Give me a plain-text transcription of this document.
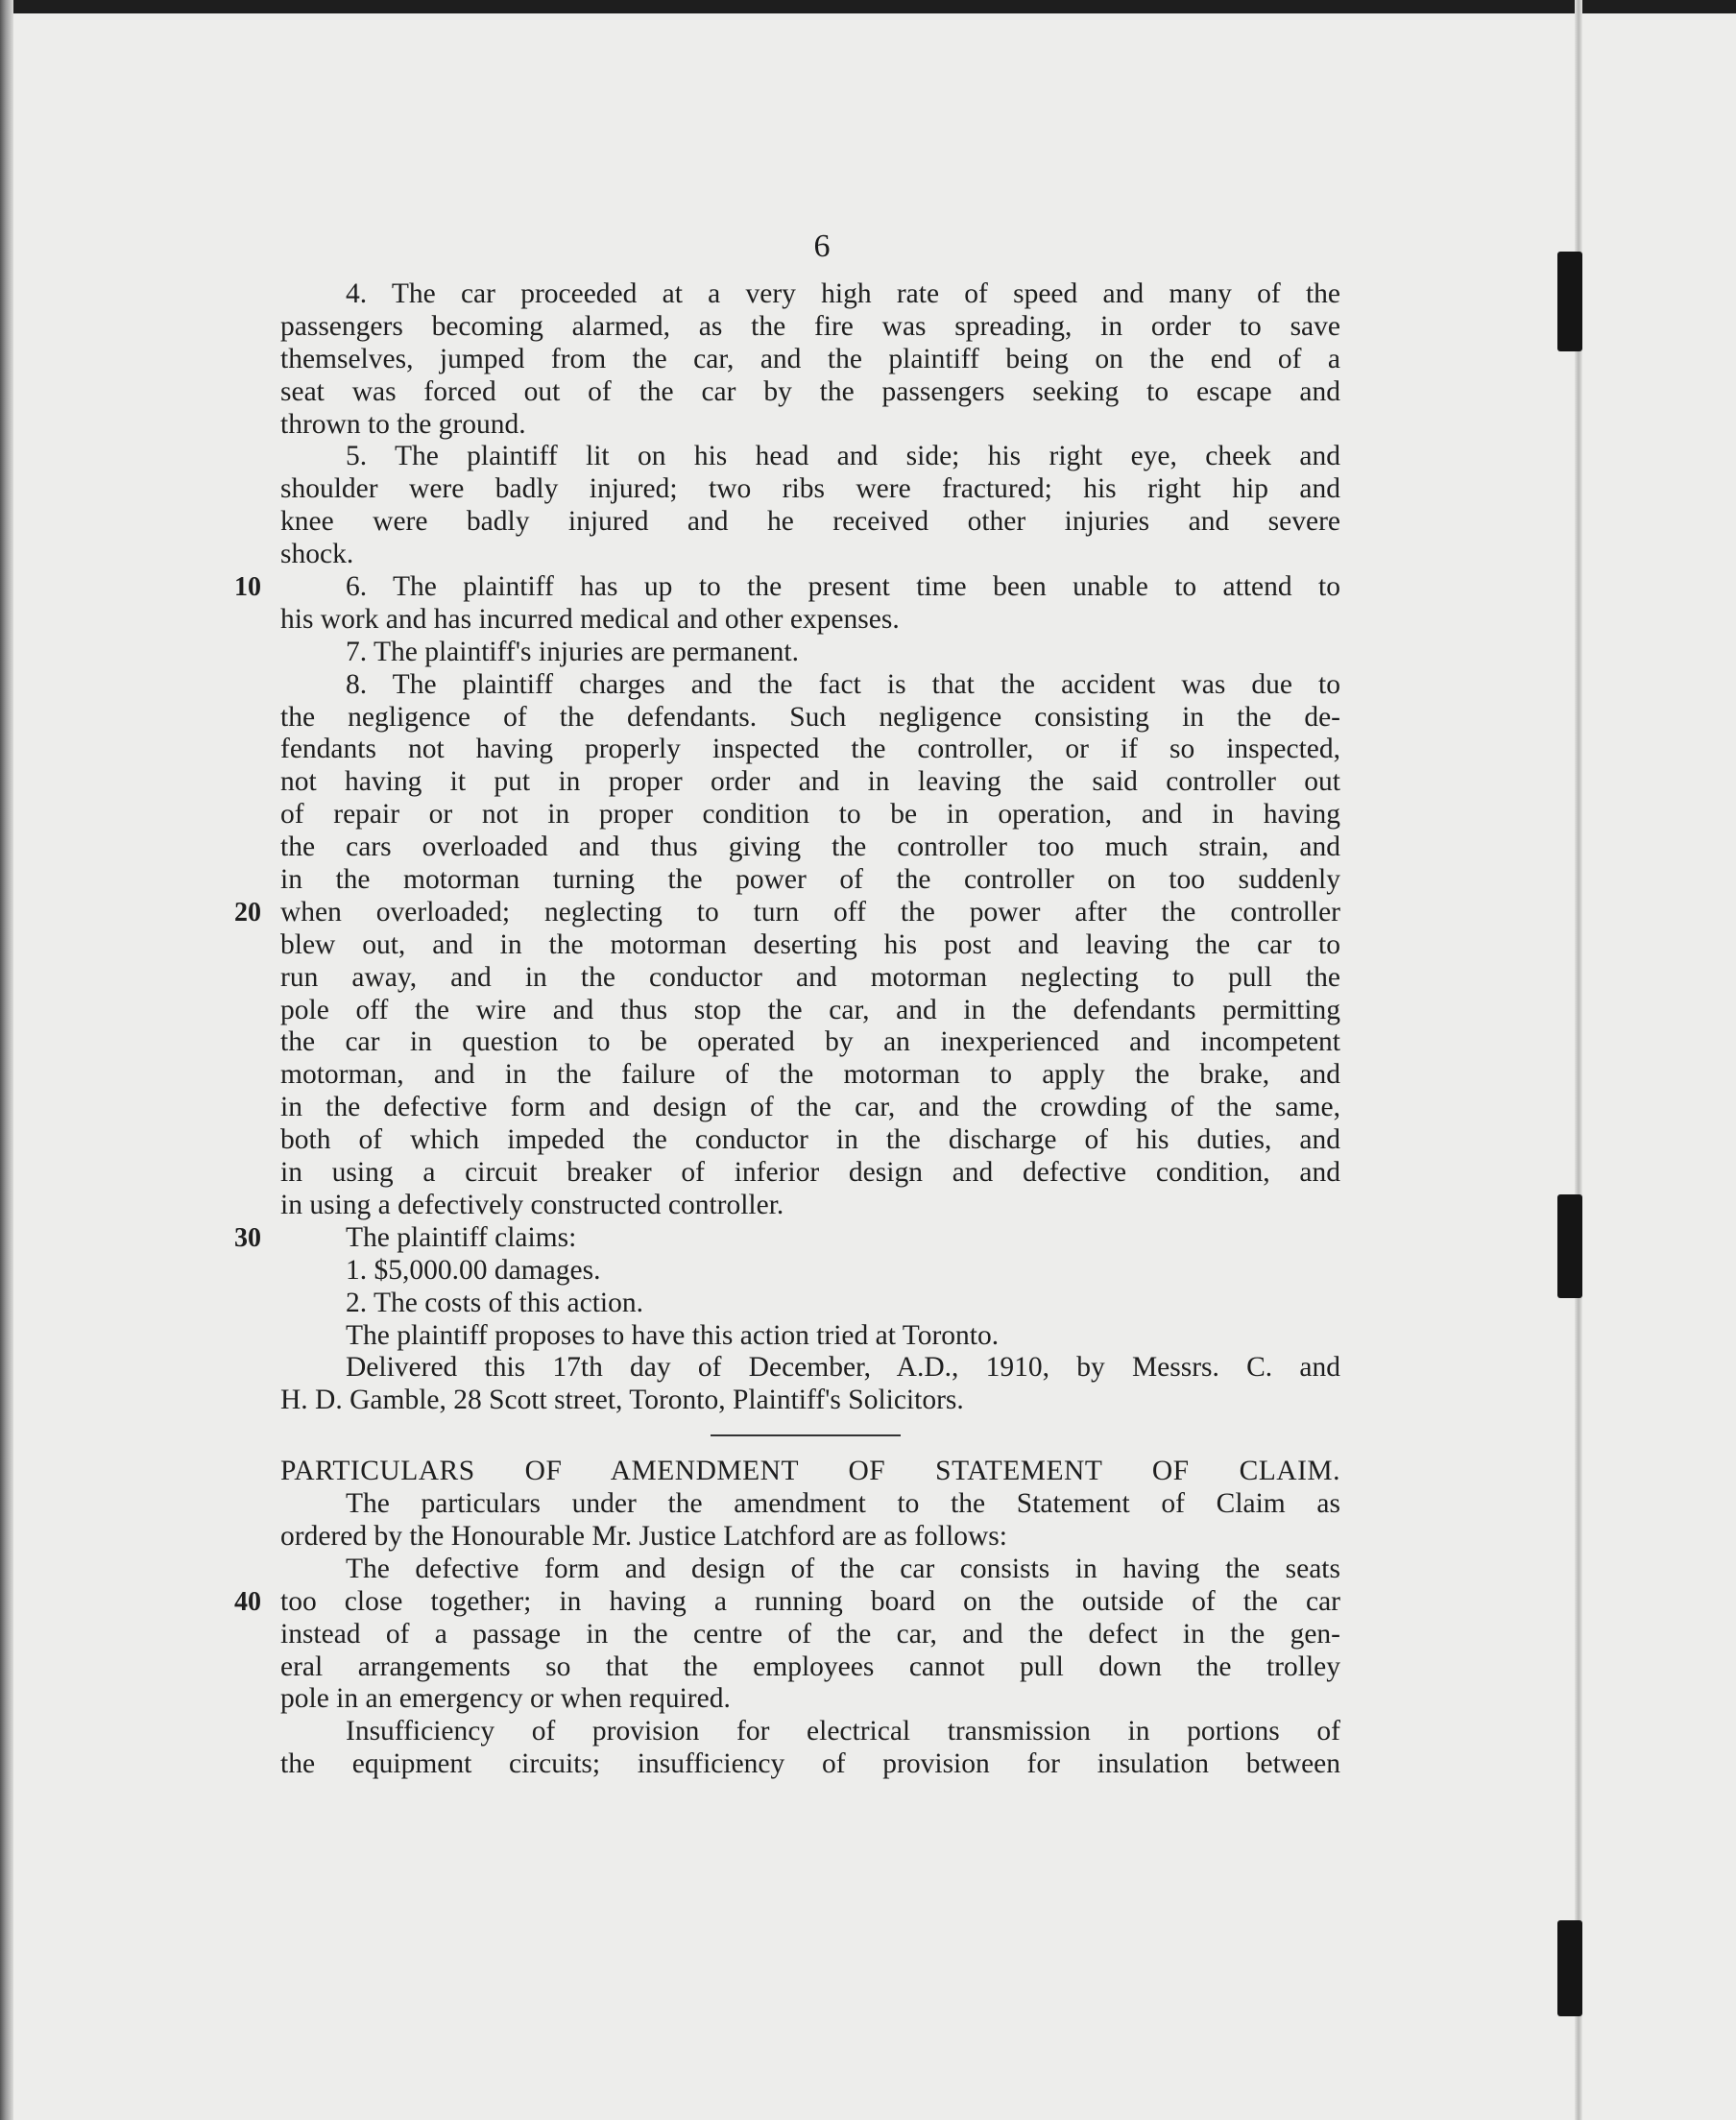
6
4. The car proceeded at a very high rate of speed and many of the
passengers becoming alarmed, as the fire was spreading, in order to save
themselves, jumped from the car, and the plaintiff being on the end of a
seat was forced out of the car by the passengers seeking to escape and
thrown to the ground.
5. The plaintiff lit on his head and side; his right eye, cheek and
shoulder were badly injured; two ribs were fractured; his right hip and
knee were badly injured and he received other injuries and severe
shock.
6. The plaintiff has up to the present time been unable to attend to
10
his work and has incurred medical and other expenses.
7. The plaintiff's injuries are permanent.
8. The plaintiff charges and the fact is that the accident was due to
the negligence of the defendants. Such negligence consisting in the de-
fendants not having properly inspected the controller, or if so inspected,
not having it put in proper order and in leaving the said controller out
of repair or not in proper condition to be in operation, and in having
the cars overloaded and thus giving the controller too much strain, and
in the motorman turning the power of the controller on too suddenly
when overloaded; neglecting to turn off the power after the controller
20
blew out, and in the motorman deserting his post and leaving the car to
run away, and in the conductor and motorman neglecting to pull the
pole off the wire and thus stop the car, and in the defendants permitting
the car in question to be operated by an inexperienced and incompetent
motorman, and in the failure of the motorman to apply the brake, and
in the defective form and design of the car, and the crowding of the same,
both of which impeded the conductor in the discharge of his duties, and
in using a circuit breaker of inferior design and defective condition, and
in using a defectively constructed controller.
The plaintiff claims:
30
1. $5,000.00 damages.
2. The costs of this action.
The plaintiff proposes to have this action tried at Toronto.
Delivered this 17th day of December, A.D., 1910, by Messrs. C. and
H. D. Gamble, 28 Scott street, Toronto, Plaintiff's Solicitors.
PARTICULARS OF AMENDMENT OF STATEMENT OF CLAIM.
The particulars under the amendment to the Statement of Claim as
ordered by the Honourable Mr. Justice Latchford are as follows:
The defective form and design of the car consists in having the seats
too close together; in having a running board on the outside of the car
40
instead of a passage in the centre of the car, and the defect in the gen-
eral arrangements so that the employees cannot pull down the trolley
pole in an emergency or when required.
Insufficiency of provision for electrical transmission in portions of
the equipment circuits; insufficiency of provision for insulation between
